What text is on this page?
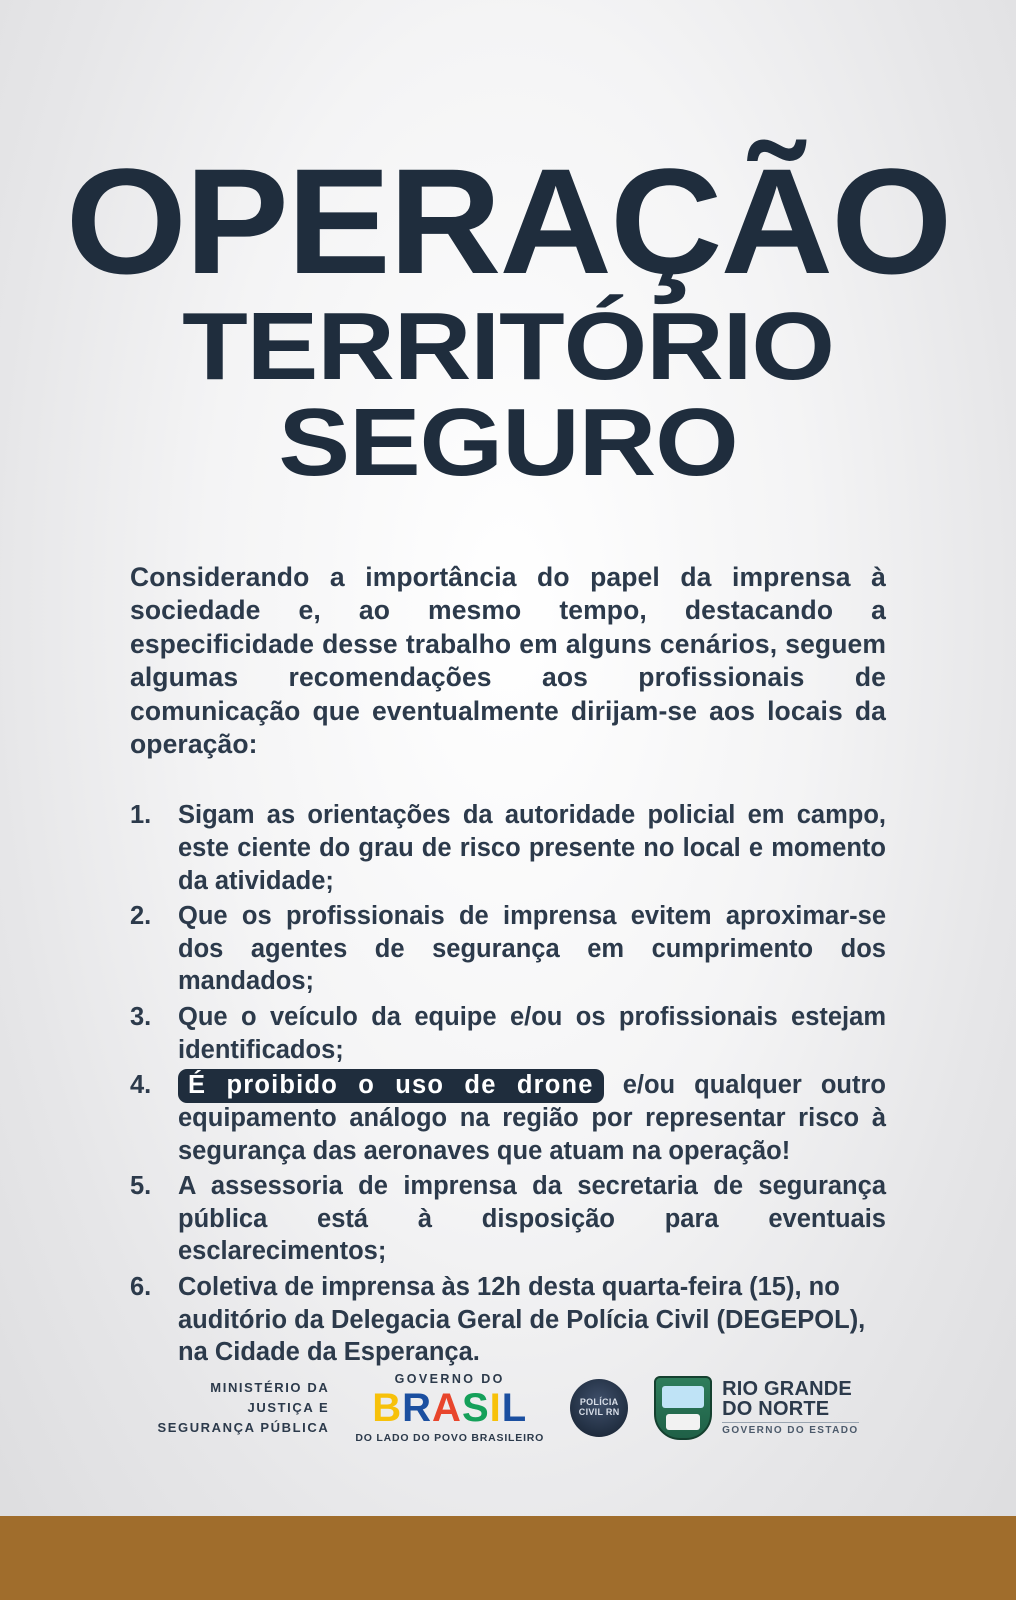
OPERAÇÃO
TERRITÓRIO SEGURO

Considerando a importância do papel da imprensa à sociedade e, ao mesmo tempo, destacando a especificidade desse trabalho em alguns cenários, seguem algumas recomendações aos profissionais de comunicação que eventualmente dirijam-se aos locais da operação:

1.	Sigam as orientações da autoridade policial em campo, este ciente do grau de risco presente no local e momento da atividade;
2.	Que os profissionais de imprensa evitem aproximar-se dos agentes de segurança em cumprimento dos mandados;
3.	Que o veículo da equipe e/ou os profissionais estejam identificados;
4.	É proibido o uso de drone e/ou qualquer outro equipamento análogo na região por representar risco à segurança das aeronaves que atuam na operação!
5.	A assessoria de imprensa da secretaria de segurança pública está à disposição para eventuais esclarecimentos;
6.	Coletiva de imprensa às 12h desta quarta-feira (15), no auditório da Delegacia Geral de Polícia Civil (DEGEPOL), na Cidade da Esperança.
MINISTÉRIO DA
JUSTIÇA E
SEGURANÇA PÚBLICA
GOVERNO DO
B R A S I L
DO LADO DO POVO BRASILEIRO
POLÍCIA CIVIL RN
RIO GRANDE
DO NORTE
GOVERNO DO ESTADO
